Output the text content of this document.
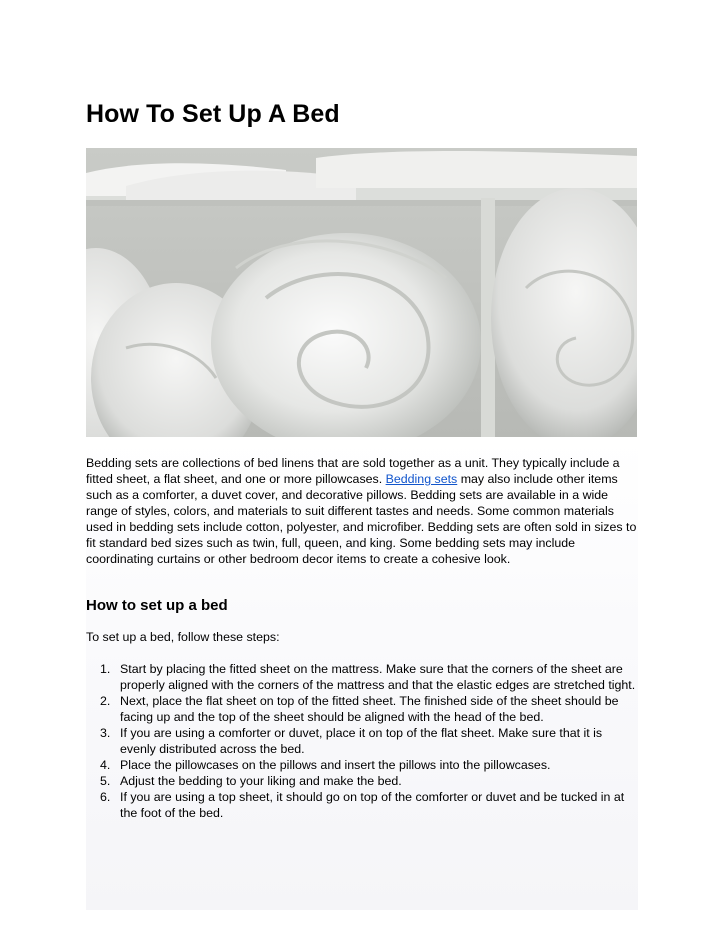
How To Set Up A Bed

Bedding sets are collections of bed linens that are sold together as a unit. They typically include a fitted sheet, a flat sheet, and one or more pillowcases. Bedding sets may also include other items such as a comforter, a duvet cover, and decorative pillows. Bedding sets are available in a wide range of styles, colors, and materials to suit different tastes and needs. Some common materials used in bedding sets include cotton, polyester, and microfiber. Bedding sets are often sold in sizes to fit standard bed sizes such as twin, full, queen, and king. Some bedding sets may include coordinating curtains or other bedroom decor items to create a cohesive look.

How to set up a bed

To set up a bed, follow these steps:

1. Start by placing the fitted sheet on the mattress. Make sure that the corners of the sheet are properly aligned with the corners of the mattress and that the elastic edges are stretched tight.
2. Next, place the flat sheet on top of the fitted sheet. The finished side of the sheet should be facing up and the top of the sheet should be aligned with the head of the bed.
3. If you are using a comforter or duvet, place it on top of the flat sheet. Make sure that it is evenly distributed across the bed.
4. Place the pillowcases on the pillows and insert the pillows into the pillowcases.
5. Adjust the bedding to your liking and make the bed.
6. If you are using a top sheet, it should go on top of the comforter or duvet and be tucked in at the foot of the bed.
